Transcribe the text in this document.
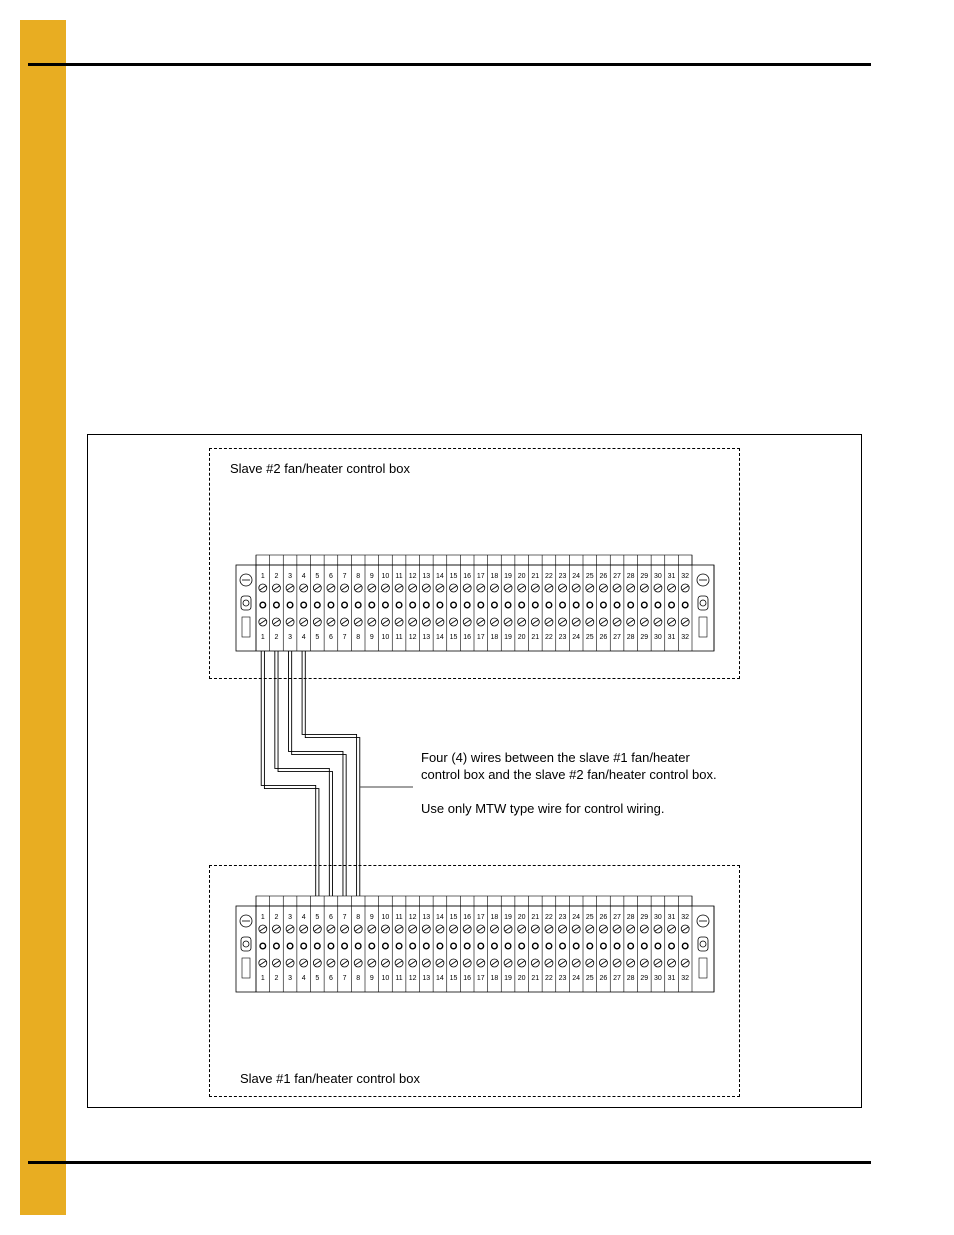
1
1
2
2
3
3
4
4
5
5
6
6
7
7
8
8
9
9
10
10
11
11
12
12
13
13
14
14
15
15
16
16
17
17
18
18
19
19
20
20
21
21
22
22
23
23
24
24
25
25
26
26
27
27
28
28
29
29
30
30
31
31
32
32
1
1
2
2
3
3
4
4
5
5
6
6
7
7
8
8
9
9
10
10
11
11
12
12
13
13
14
14
15
15
16
16
17
17
18
18
19
19
20
20
21
21
22
22
23
23
24
24
25
25
26
26
27
27
28
28
29
29
30
30
31
31
32
32
Slave #2 fan/heater control box
Slave #1 fan/heater control box
Four (4) wires between the slave #1 fan/heater
control box and the slave #2 fan/heater control box.
Use only MTW type wire for control wiring.
